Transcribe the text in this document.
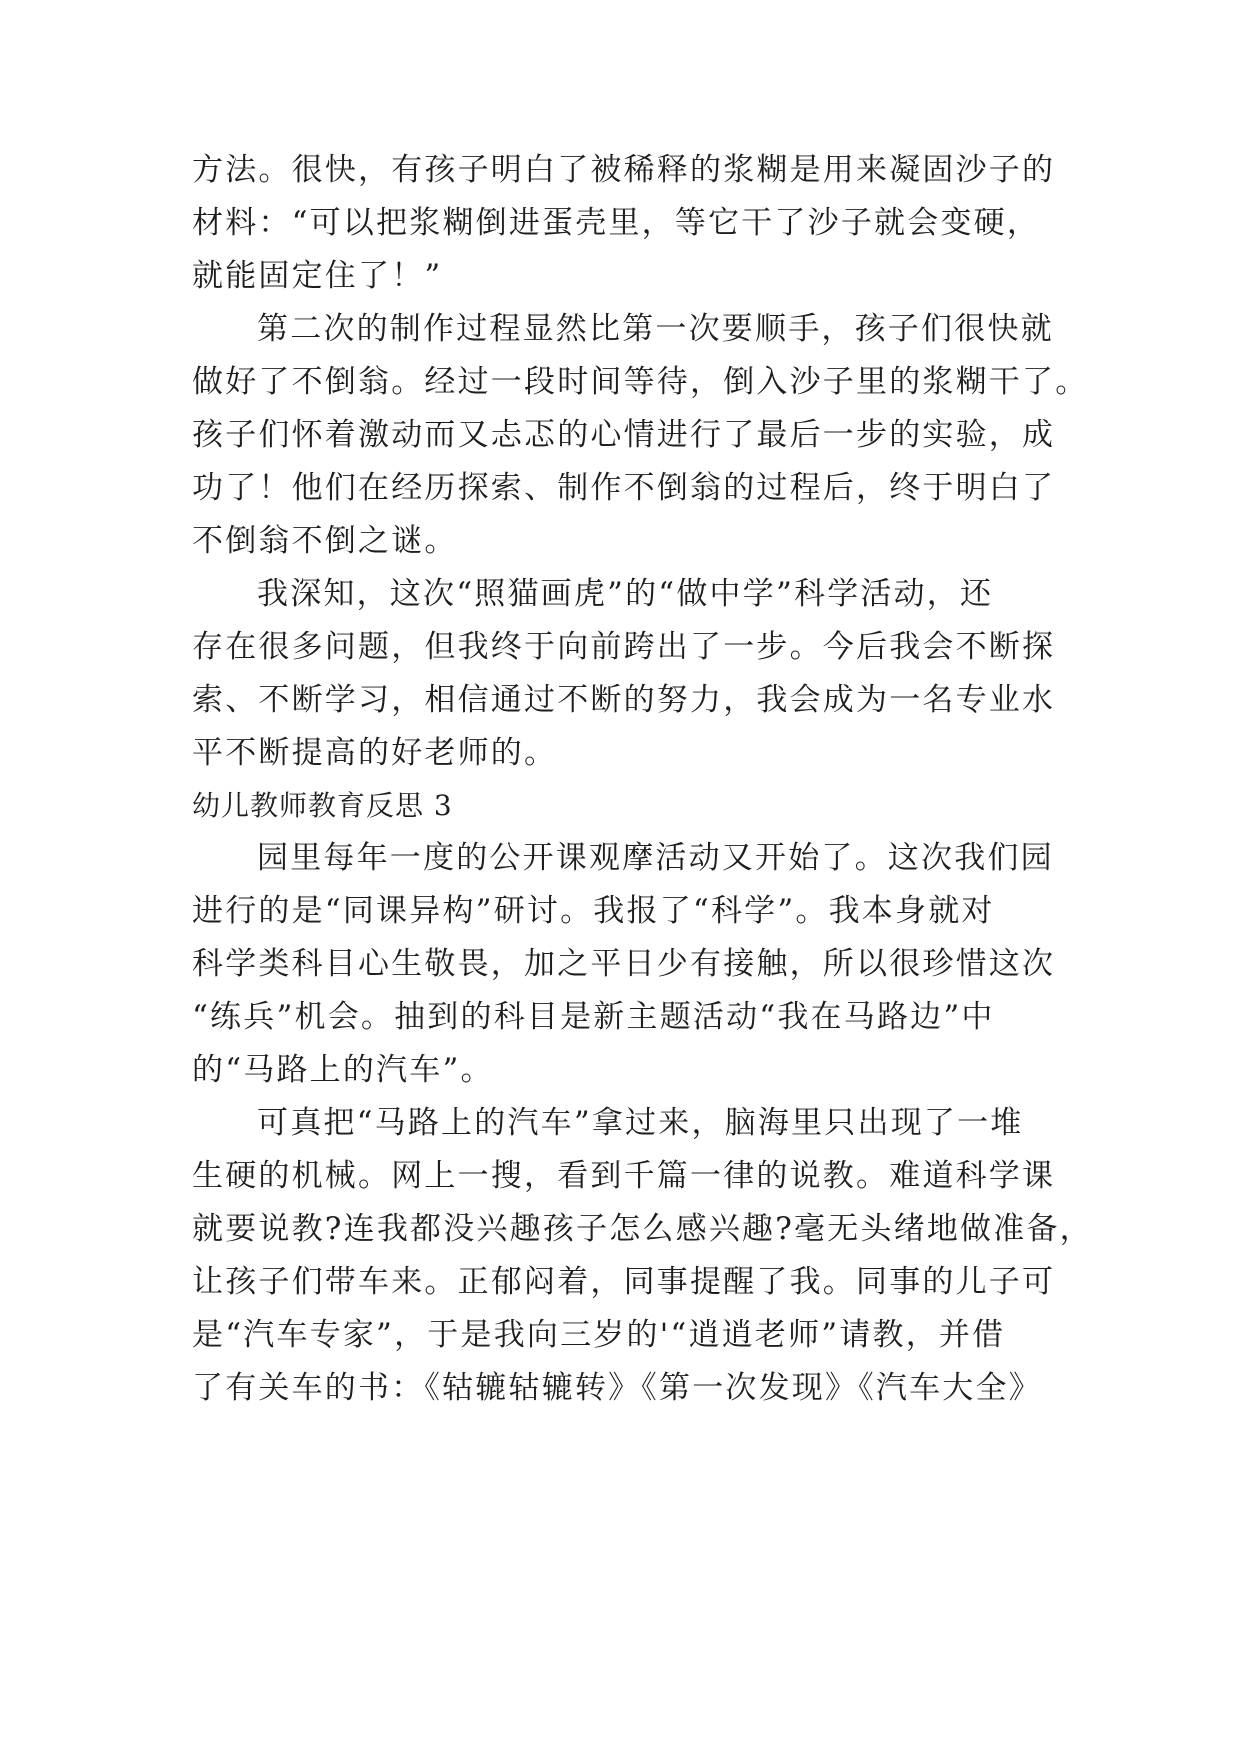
方法。很快，有孩子明白了被稀释的浆糊是用来凝固沙子的

材料：“可以把浆糊倒进蛋壳里，等它干了沙子就会变硬，

就能固定住了！”

第二次的制作过程显然比第一次要顺手，孩子们很快就

做好了不倒翁。经过一段时间等待，倒入沙子里的浆糊干了。

孩子们怀着激动而又忐忑的心情进行了最后一步的实验，成

功了！他们在经历探索、制作不倒翁的过程后，终于明白了

不倒翁不倒之谜。

我深知，这次“照猫画虎”的“做中学”科学活动，还

存在很多问题，但我终于向前跨出了一步。今后我会不断探

索、不断学习，相信通过不断的努力，我会成为一名专业水

平不断提高的好老师的。

幼儿教师教育反思 3

园里每年一度的公开课观摩活动又开始了。这次我们园

进行的是“同课异构”研讨。我报了“科学”。我本身就对

科学类科目心生敬畏，加之平日少有接触，所以很珍惜这次

“练兵”机会。抽到的科目是新主题活动“我在马路边”中

的“马路上的汽车”。

可真把“马路上的汽车”拿过来，脑海里只出现了一堆

生硬的机械。网上一搜，看到千篇一律的说教。难道科学课

就要说教?连我都没兴趣孩子怎么感兴趣?毫无头绪地做准备，

让孩子们带车来。正郁闷着，同事提醒了我。同事的儿子可

是“汽车专家”，于是我向三岁的'“逍逍老师”请教，并借

了有关车的书：《轱辘轱辘转》《第一次发现》《汽车大全》
